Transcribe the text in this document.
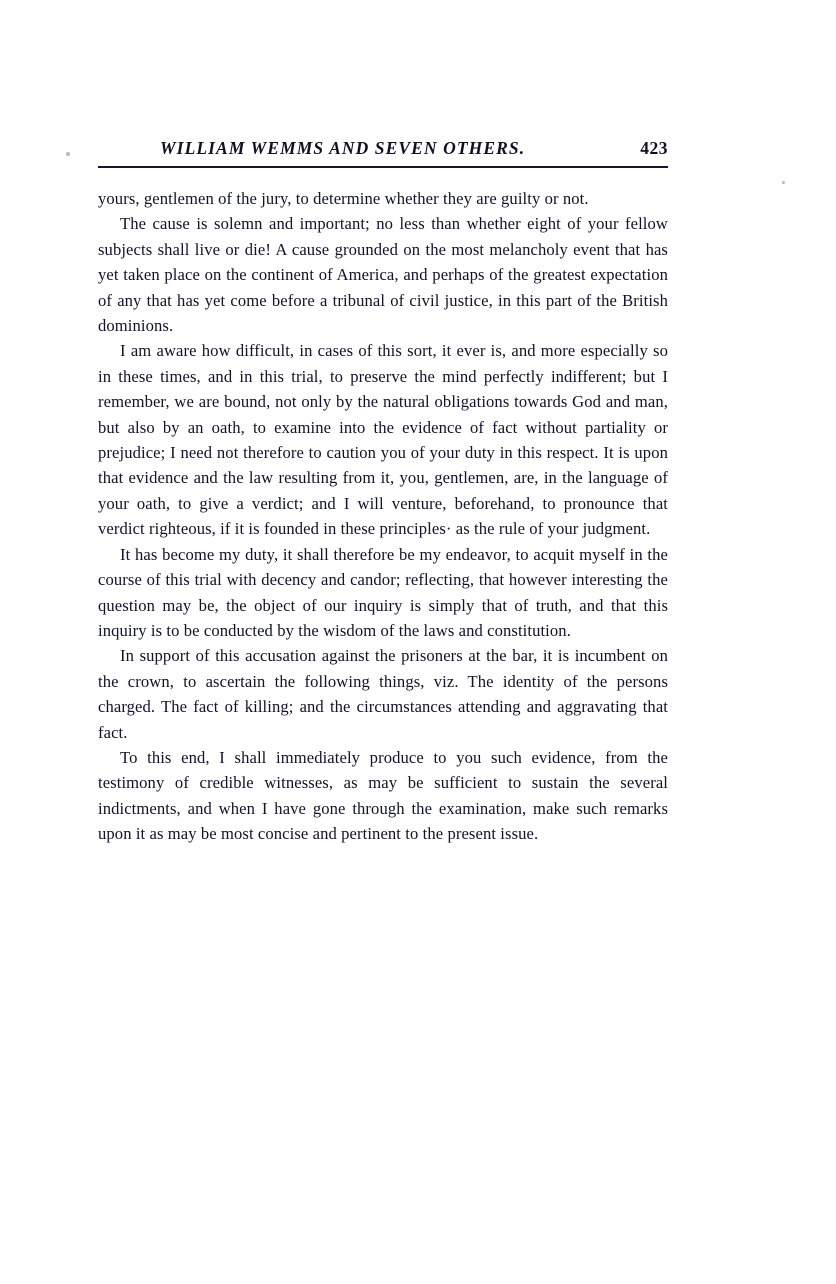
WILLIAM WEMMS AND SEVEN OTHERS.	423

yours, gentlemen of the jury, to determine whether they are guilty or not.

The cause is solemn and important; no less than whether eight of your fellow subjects shall live or die! A cause grounded on the most melancholy event that has yet taken place on the continent of America, and perhaps of the greatest expectation of any that has yet come before a tribunal of civil justice, in this part of the British dominions.

I am aware how difficult, in cases of this sort, it ever is, and more especially so in these times, and in this trial, to preserve the mind perfectly indifferent; but I remember, we are bound, not only by the natural obligations towards God and man, but also by an oath, to examine into the evidence of fact without partiality or prejudice; I need not therefore to caution you of your duty in this respect. It is upon that evidence and the law resulting from it, you, gentlemen, are, in the language of your oath, to give a verdict; and I will venture, beforehand, to pronounce that verdict righteous, if it is founded in these principles· as the rule of your judgment.

It has become my duty, it shall therefore be my endeavor, to acquit myself in the course of this trial with decency and candor; reflecting, that however interesting the question may be, the object of our inquiry is simply that of truth, and that this inquiry is to be conducted by the wisdom of the laws and constitution.

In support of this accusation against the prisoners at the bar, it is incumbent on the crown, to ascertain the following things, viz. The identity of the persons charged. The fact of killing; and the circumstances attending and aggravating that fact.

To this end, I shall immediately produce to you such evidence, from the testimony of credible witnesses, as may be sufficient to sustain the several indictments, and when I have gone through the examination, make such remarks upon it as may be most concise and pertinent to the present issue.
